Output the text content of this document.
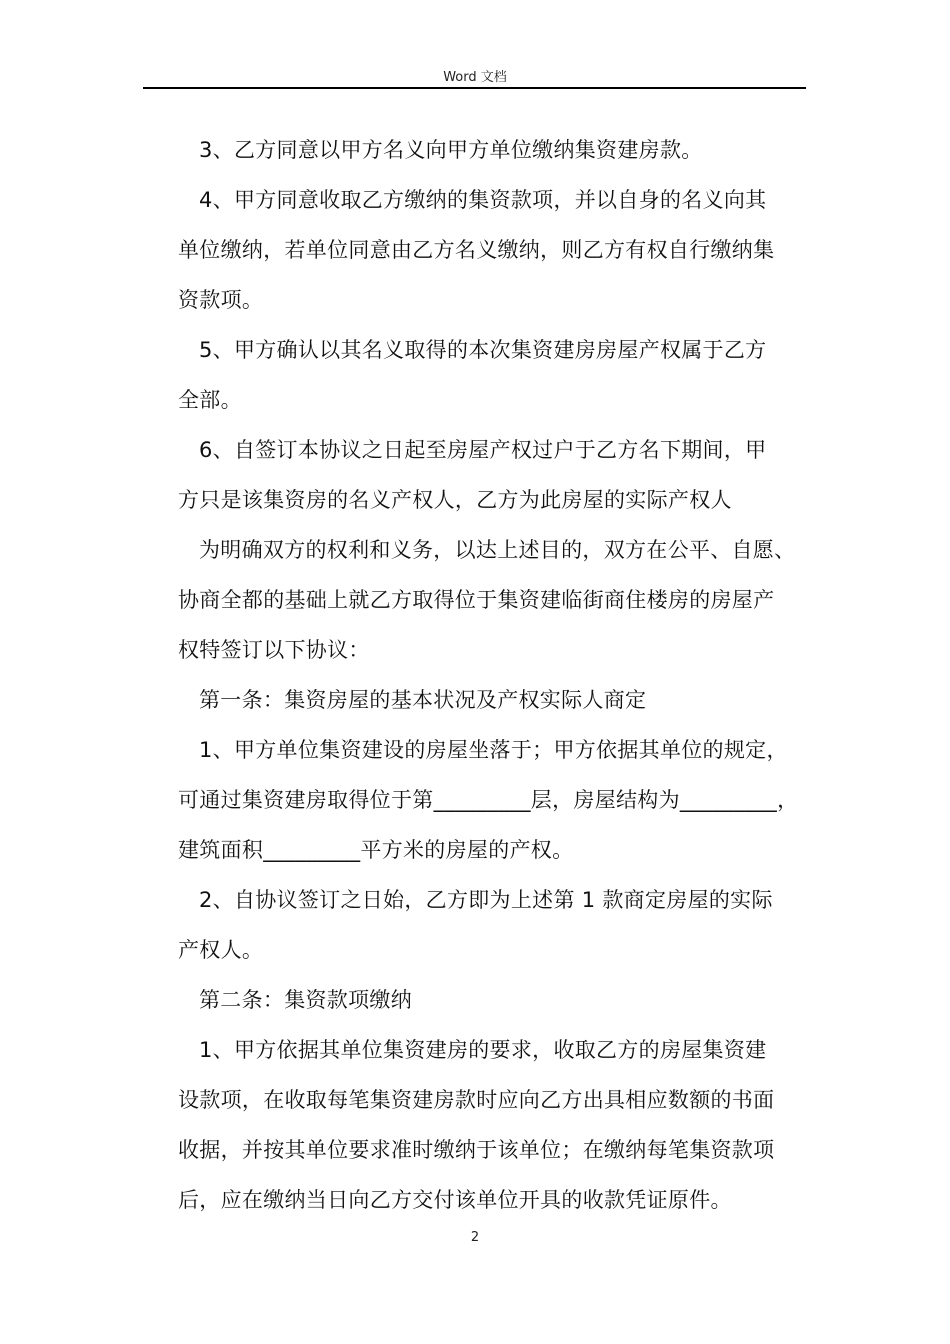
Word 文档
3、乙方同意以甲方名义向甲方单位缴纳集资建房款。
4、甲方同意收取乙方缴纳的集资款项，并以自身的名义向其
单位缴纳，若单位同意由乙方名义缴纳，则乙方有权自行缴纳集
资款项。
5、甲方确认以其名义取得的本次集资建房房屋产权属于乙方
全部。
6、自签订本协议之日起至房屋产权过户于乙方名下期间，甲
方只是该集资房的名义产权人，乙方为此房屋的实际产权人
为明确双方的权利和义务，以达上述目的，双方在公平、自愿、
协商全都的基础上就乙方取得位于集资建临街商住楼房的房屋产
权特签订以下协议：
第一条：集资房屋的基本状况及产权实际人商定
1、甲方单位集资建设的房屋坐落于；甲方依据其单位的规定，
可通过集资建房取得位于第_________层，房屋结构为_________，
建筑面积_________平方米的房屋的产权。
2、自协议签订之日始，乙方即为上述第 1 款商定房屋的实际
产权人。
第二条：集资款项缴纳
1、甲方依据其单位集资建房的要求，收取乙方的房屋集资建
设款项，在收取每笔集资建房款时应向乙方出具相应数额的书面
收据，并按其单位要求准时缴纳于该单位；在缴纳每笔集资款项
后，应在缴纳当日向乙方交付该单位开具的收款凭证原件。
2
